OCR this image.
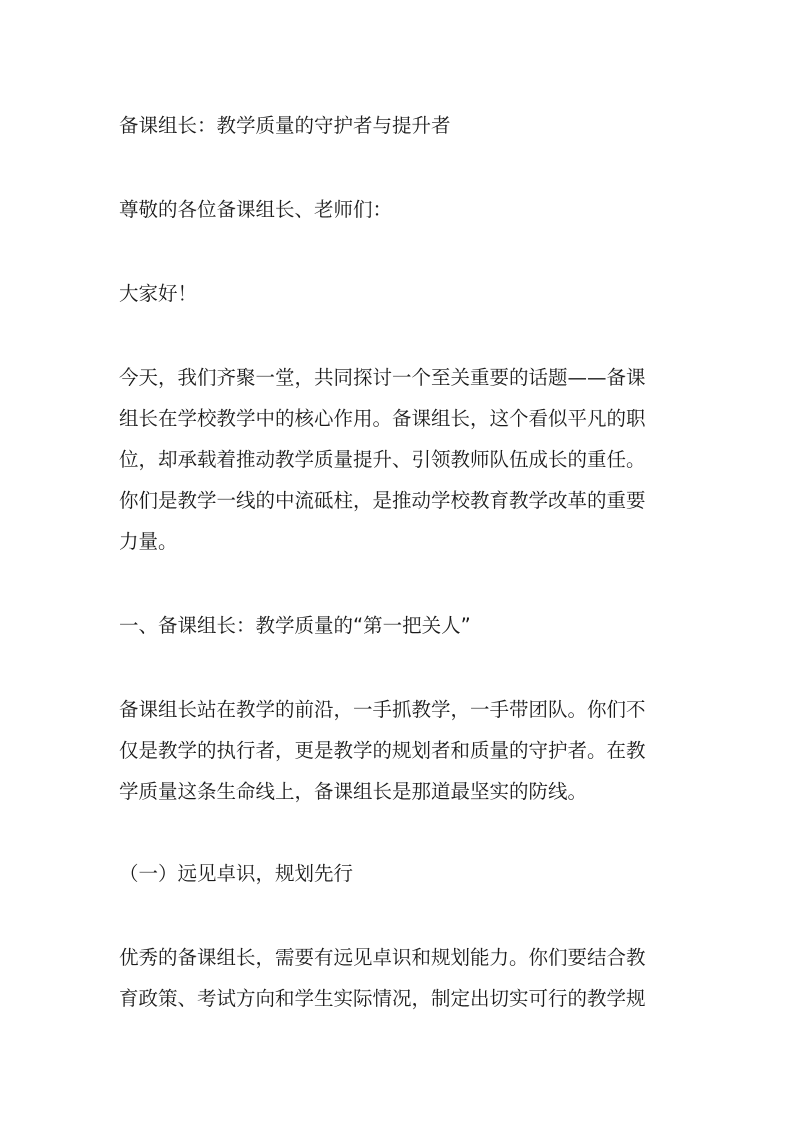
备课组长：教学质量的守护者与提升者
尊敬的各位备课组长、老师们：
大家好！
今天，我们齐聚一堂，共同探讨一个至关重要的话题——备课
组长在学校教学中的核心作用。备课组长，这个看似平凡的职
位，却承载着推动教学质量提升、引领教师队伍成长的重任。
你们是教学一线的中流砥柱，是推动学校教育教学改革的重要
力量。
一、备课组长：教学质量的“第一把关人”
备课组长站在教学的前沿，一手抓教学，一手带团队。你们不
仅是教学的执行者，更是教学的规划者和质量的守护者。在教
学质量这条生命线上，备课组长是那道最坚实的防线。
（一）远见卓识，规划先行
优秀的备课组长，需要有远见卓识和规划能力。你们要结合教
育政策、考试方向和学生实际情况，制定出切实可行的教学规
